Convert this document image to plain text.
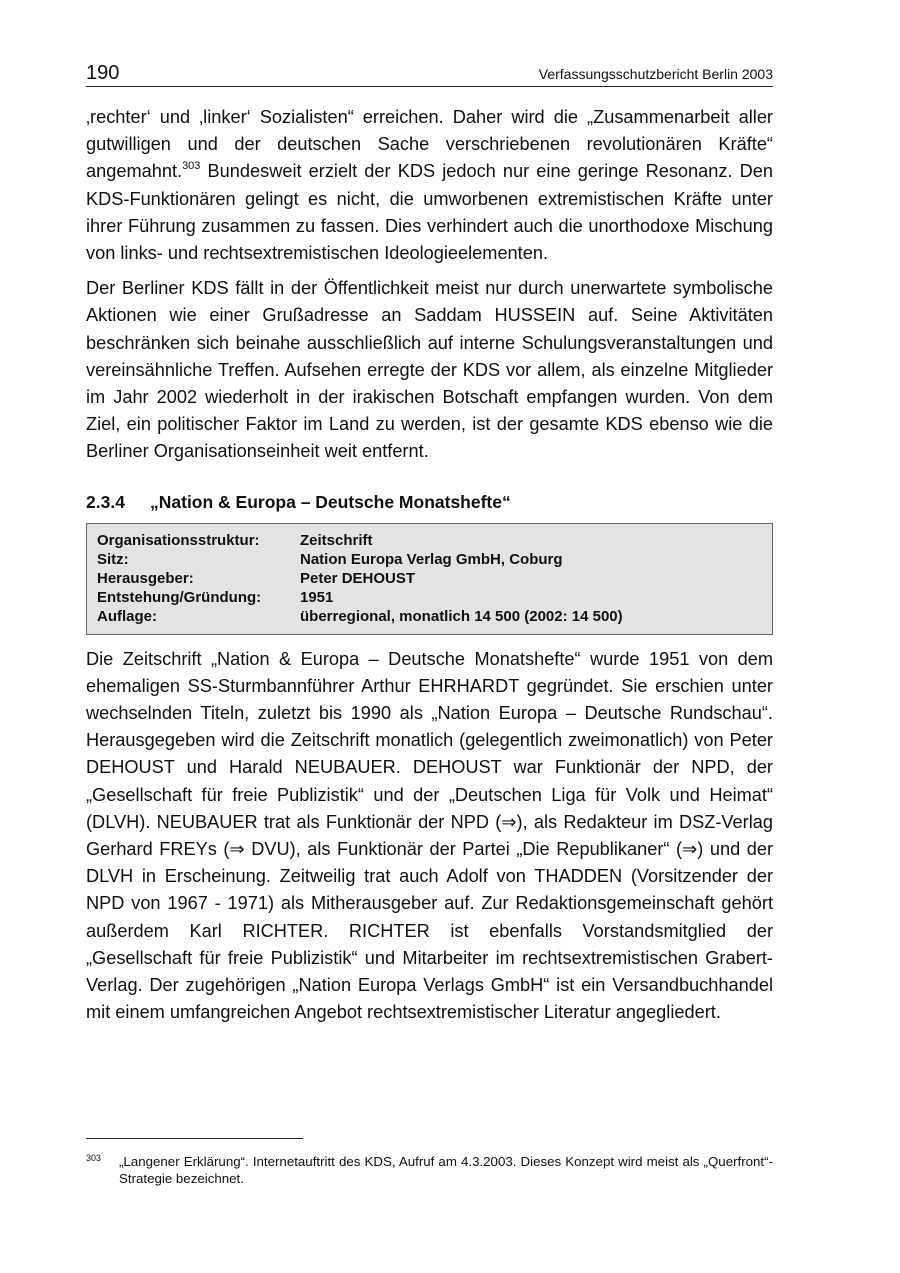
190	Verfassungsschutzbericht Berlin 2003

‚rechter‘ und ‚linker‘ Sozialisten“ erreichen. Daher wird die „Zusammenarbeit aller gutwilligen und der deutschen Sache verschriebenen revolutionären Kräfte“ angemahnt.$^{303}$ Bundesweit erzielt der KDS jedoch nur eine geringe Resonanz. Den KDS-Funktionären gelingt es nicht, die umworbenen extremistischen Kräfte unter ihrer Führung zusammen zu fassen. Dies verhindert auch die unorthodoxe Mischung von links- und rechtsextremistischen Ideologieelementen.

Der Berliner KDS fällt in der Öffentlichkeit meist nur durch unerwartete symbolische Aktionen wie einer Grußadresse an Saddam HUSSEIN auf. Seine Aktivitäten beschränken sich beinahe ausschließlich auf interne Schulungsveranstaltungen und vereinsähnliche Treffen. Aufsehen erregte der KDS vor allem, als einzelne Mitglieder im Jahr 2002 wiederholt in der irakischen Botschaft empfangen wurden. Von dem Ziel, ein politischer Faktor im Land zu werden, ist der gesamte KDS ebenso wie die Berliner Organisationseinheit weit entfernt.

2.3.4 „Nation & Europa – Deutsche Monatshefte“
Organisationsstruktur:	Zeitschrift
Sitz:	Nation Europa Verlag GmbH, Coburg
Herausgeber:	Peter DEHOUST
Entstehung/Gründung:	1951
Auflage:	überregional, monatlich 14 500 (2002: 14 500)

Die Zeitschrift „Nation & Europa – Deutsche Monatshefte“ wurde 1951 von dem ehemaligen SS-Sturmbannführer Arthur EHRHARDT gegründet. Sie erschien unter wechselnden Titeln, zuletzt bis 1990 als „Nation Europa – Deutsche Rundschau“. Herausgegeben wird die Zeitschrift monatlich (gelegentlich zweimonatlich) von Peter DEHOUST und Harald NEUBAUER. DEHOUST war Funktionär der NPD, der „Gesellschaft für freie Publizistik“ und der „Deutschen Liga für Volk und Heimat“ (DLVH). NEUBAUER trat als Funktionär der NPD (⇒), als Redakteur im DSZ-Verlag Gerhard FREYs (⇒ DVU), als Funktionär der Partei „Die Republikaner“ (⇒) und der DLVH in Erscheinung. Zeitweilig trat auch Adolf von THADDEN (Vorsitzender der NPD von 1967 - 1971) als Mitherausgeber auf. Zur Redaktionsgemeinschaft gehört außerdem Karl RICHTER. RICHTER ist ebenfalls Vorstandsmitglied der „Gesellschaft für freie Publizistik“ und Mitarbeiter im rechtsextremistischen Grabert-Verlag. Der zugehörigen „Nation Europa Verlags GmbH“ ist ein Versandbuchhandel mit einem umfangreichen Angebot rechtsextremistischer Literatur angegliedert.

303 „Langener Erklärung“. Internetauftritt des KDS, Aufruf am 4.3.2003. Dieses Konzept wird meist als „Querfront“-Strategie bezeichnet.
